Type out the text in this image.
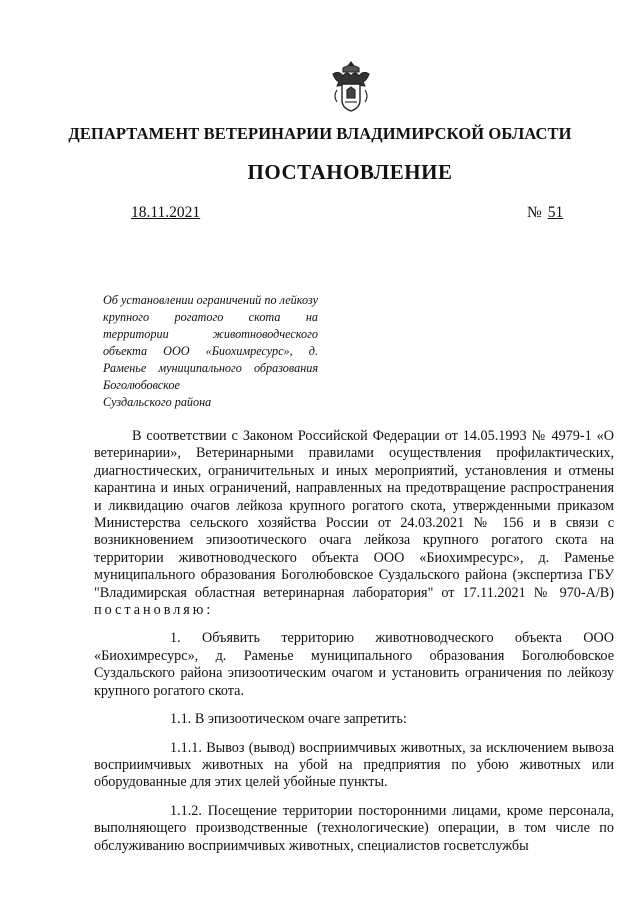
ДЕПАРТАМЕНТ ВЕТЕРИНАРИИ ВЛАДИМИРСКОЙ ОБЛАСТИ
ПОСТАНОВЛЕНИЕ
18.11.2021	№ 51
Об установлении ограничений по лейкозу крупного рогатого скота на территории животноводческого объекта ООО «Биохимресурс», д. Раменье муниципального образования Боголюбовское
Суздальского района

В соответствии с Законом Российской Федерации от 14.05.1993 № 4979-1 «О ветеринарии», Ветеринарными правилами осуществления профилактических, диагностических, ограничительных и иных мероприятий, установления и отмены карантина и иных ограничений, направленных на предотвращение распространения и ликвидацию очагов лейкоза крупного рогатого скота, утвержденными приказом Министерства сельского хозяйства России от 24.03.2021 № 156 и в связи с возникновением эпизоотического очага лейкоза крупного рогатого скота на территории животноводческого объекта ООО «Биохимресурс», д. Раменье муниципального образования Боголюбовское Суздальского района (экспертиза ГБУ "Владимирская областная ветеринарная лаборатория" от 17.11.2021 № 970-А/В) постановляю:

1. Объявить территорию животноводческого объекта ООО «Биохимресурс», д. Раменье муниципального образования Боголюбовское Суздальского района эпизоотическим очагом и установить ограничения по лейкозу крупного рогатого скота.

1.1. В эпизоотическом очаге запретить:

1.1.1. Вывоз (вывод) восприимчивых животных, за исключением вывоза восприимчивых животных на убой на предприятия по убою животных или оборудованные для этих целей убойные пункты.

1.1.2. Посещение территории посторонними лицами, кроме персонала, выполняющего производственные (технологические) операции, в том числе по обслуживанию восприимчивых животных, специалистов госветслужбы
